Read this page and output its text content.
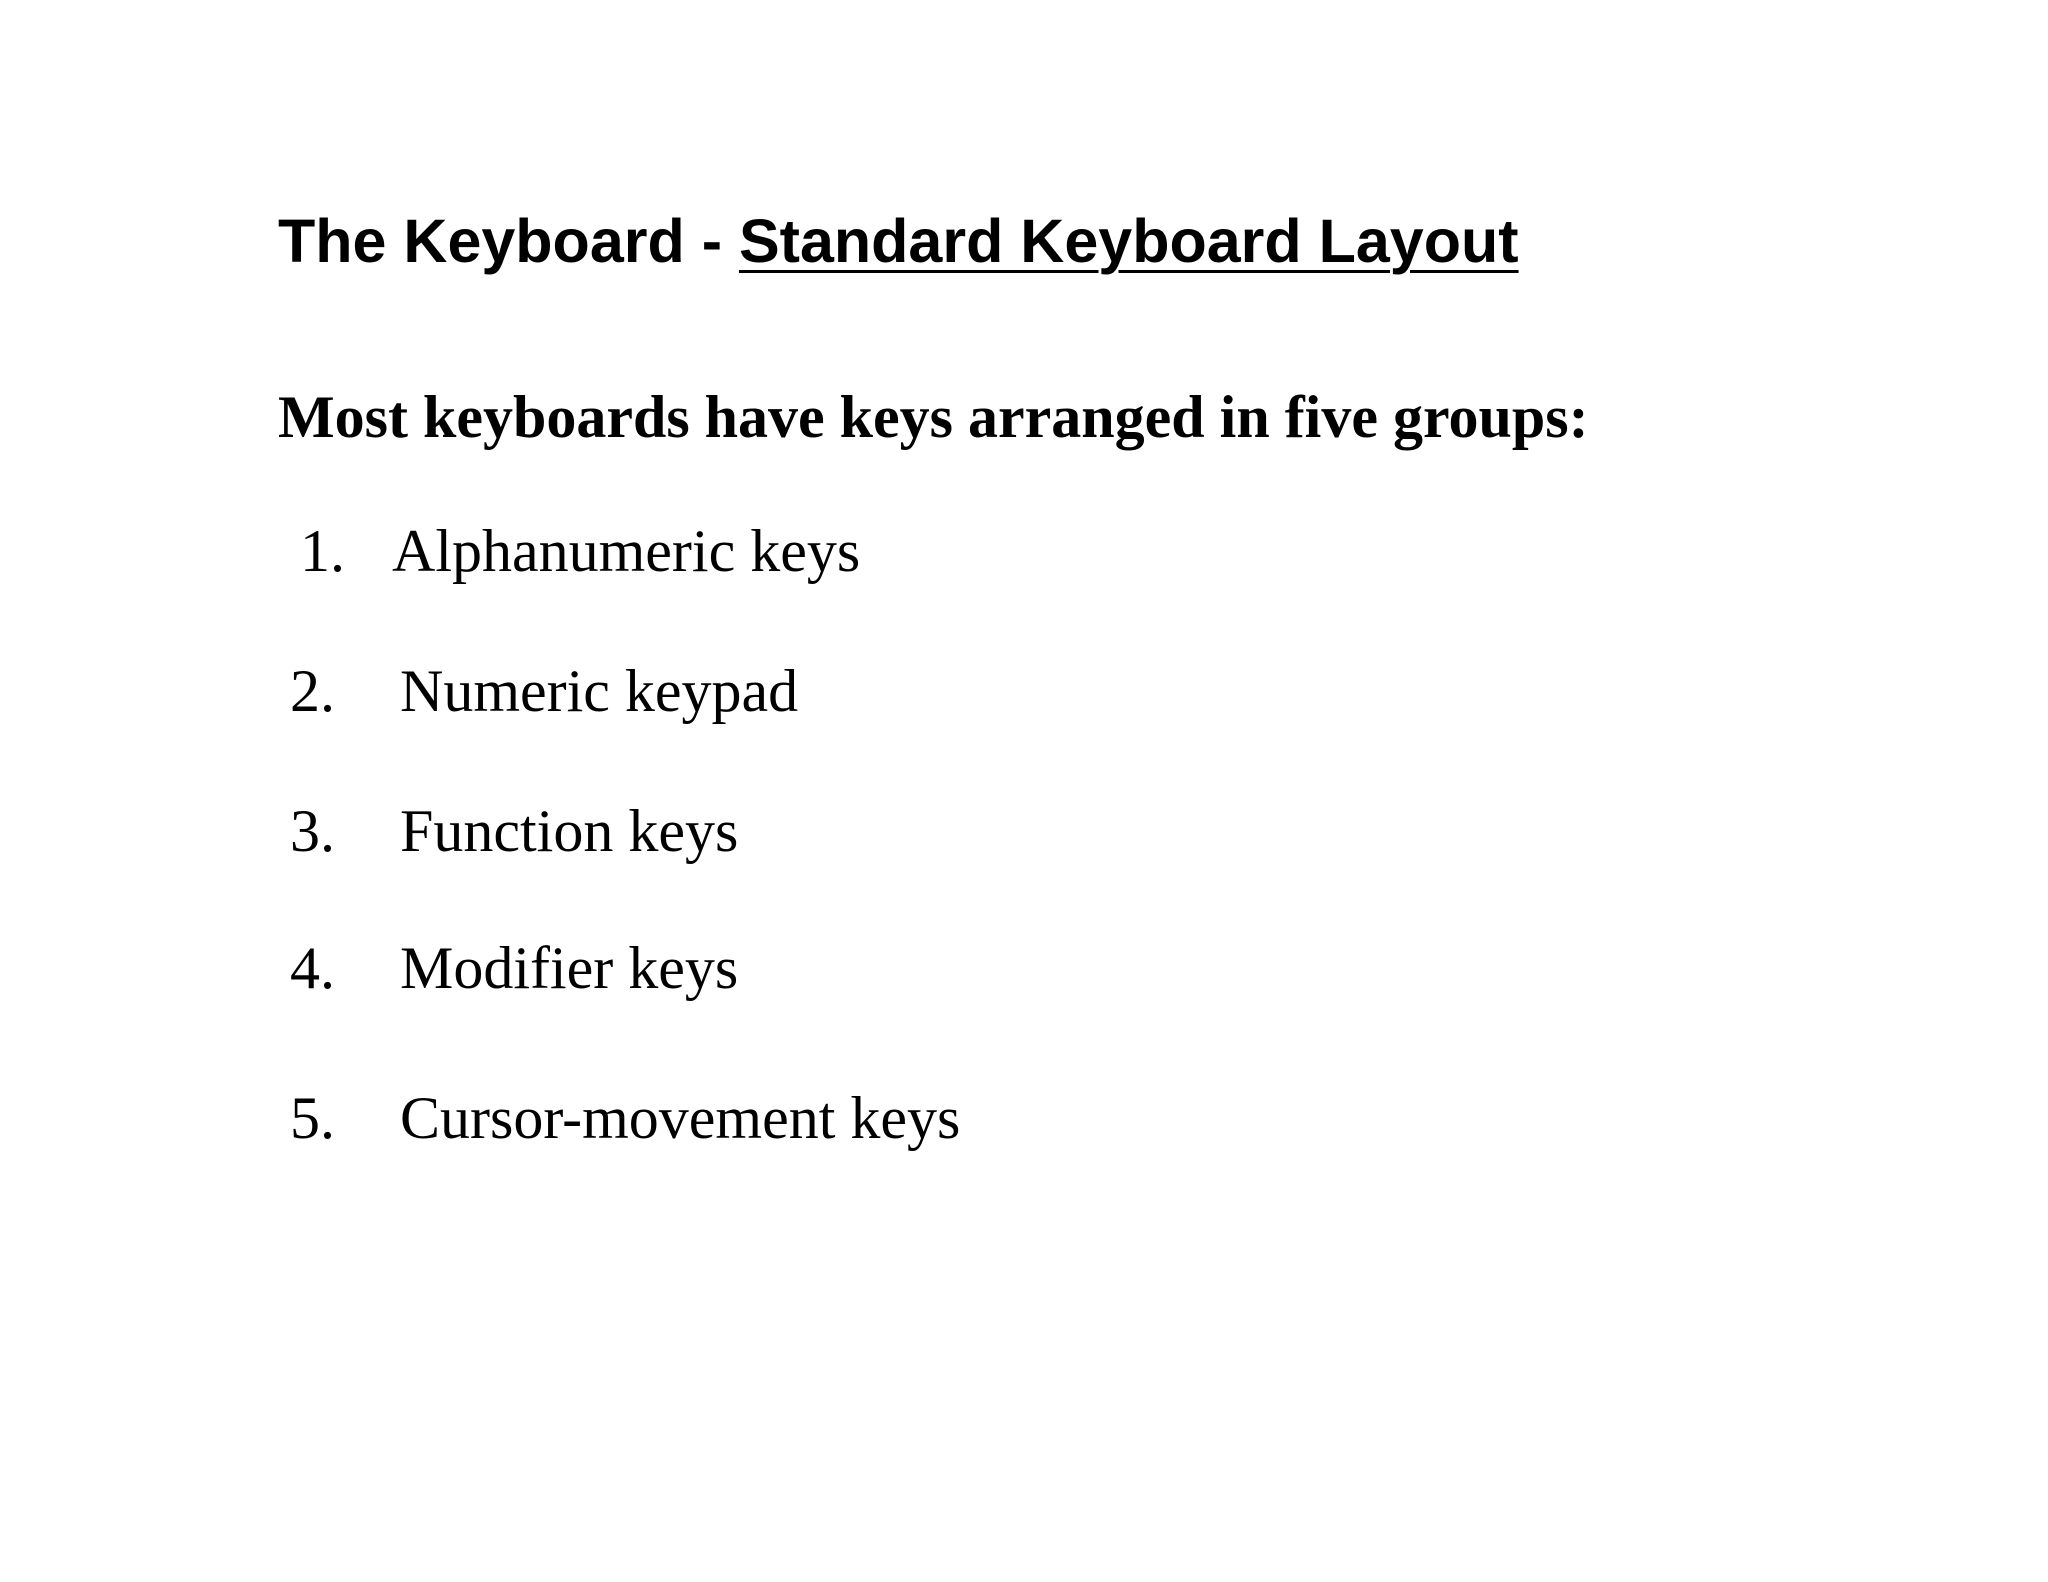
The Keyboard - Standard Keyboard Layout

Most keyboards have keys arranged in five groups:

1. Alphanumeric keys
2. Numeric keypad
3. Function keys
4. Modifier keys
5. Cursor-movement keys
